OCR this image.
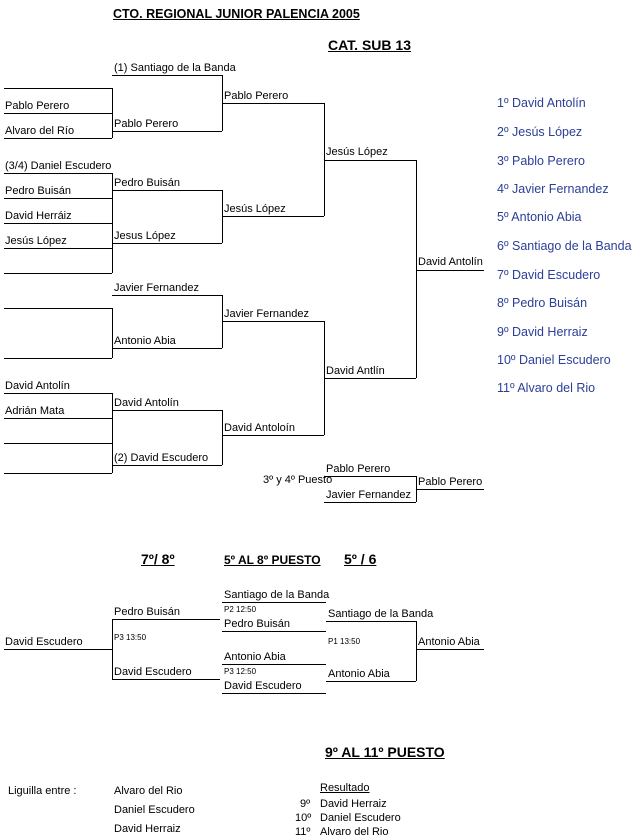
CTO. REGIONAL JUNIOR PALENCIA 2005
CAT. SUB 13
Pablo Perero
Alvaro del Río
(3/4) Daniel Escudero
Pedro Buisán
David Herráiz
Jesús López
David Antolín
Adrián Mata
(1) Santiago de la Banda
Pablo Perero
Pedro Buisán
Jesus López
Javier Fernandez
Antonio Abia
David Antolín
(2) David Escudero
Pablo Perero
Jesús López
Javier Fernandez
David Antoloín
Jesús López
David Antlín
David Antolín
3º y 4º Puesto
Pablo Perero
Javier Fernandez
Pablo Perero
1º David Antolín
2º Jesús López
3º Pablo Perero
4º Javier Fernandez
5º Antonio Abia
6º Santiago de la Banda
7º David Escudero
8º Pedro Buisán
9º David Herraiz
10º Daniel Escudero
11º Alvaro del Rio
7º/ 8º	5º AL 8º PUESTO 5º / 6
David Escudero
Pedro Buisán
P3 13:50
David Escudero
Santiago de la Banda
P2 12:50
Pedro Buisán
Antonio Abia
P3 12:50
David Escudero
Santiago de la Banda
P1 13:50
Antonio Abia
Antonio Abia
9º AL 11º PUESTO
Liguilla entre :	Alvaro del Rio
Daniel Escudero
David Herraiz
Resultado
9º David Herraiz
10º Daniel Escudero
11º Alvaro del Rio
